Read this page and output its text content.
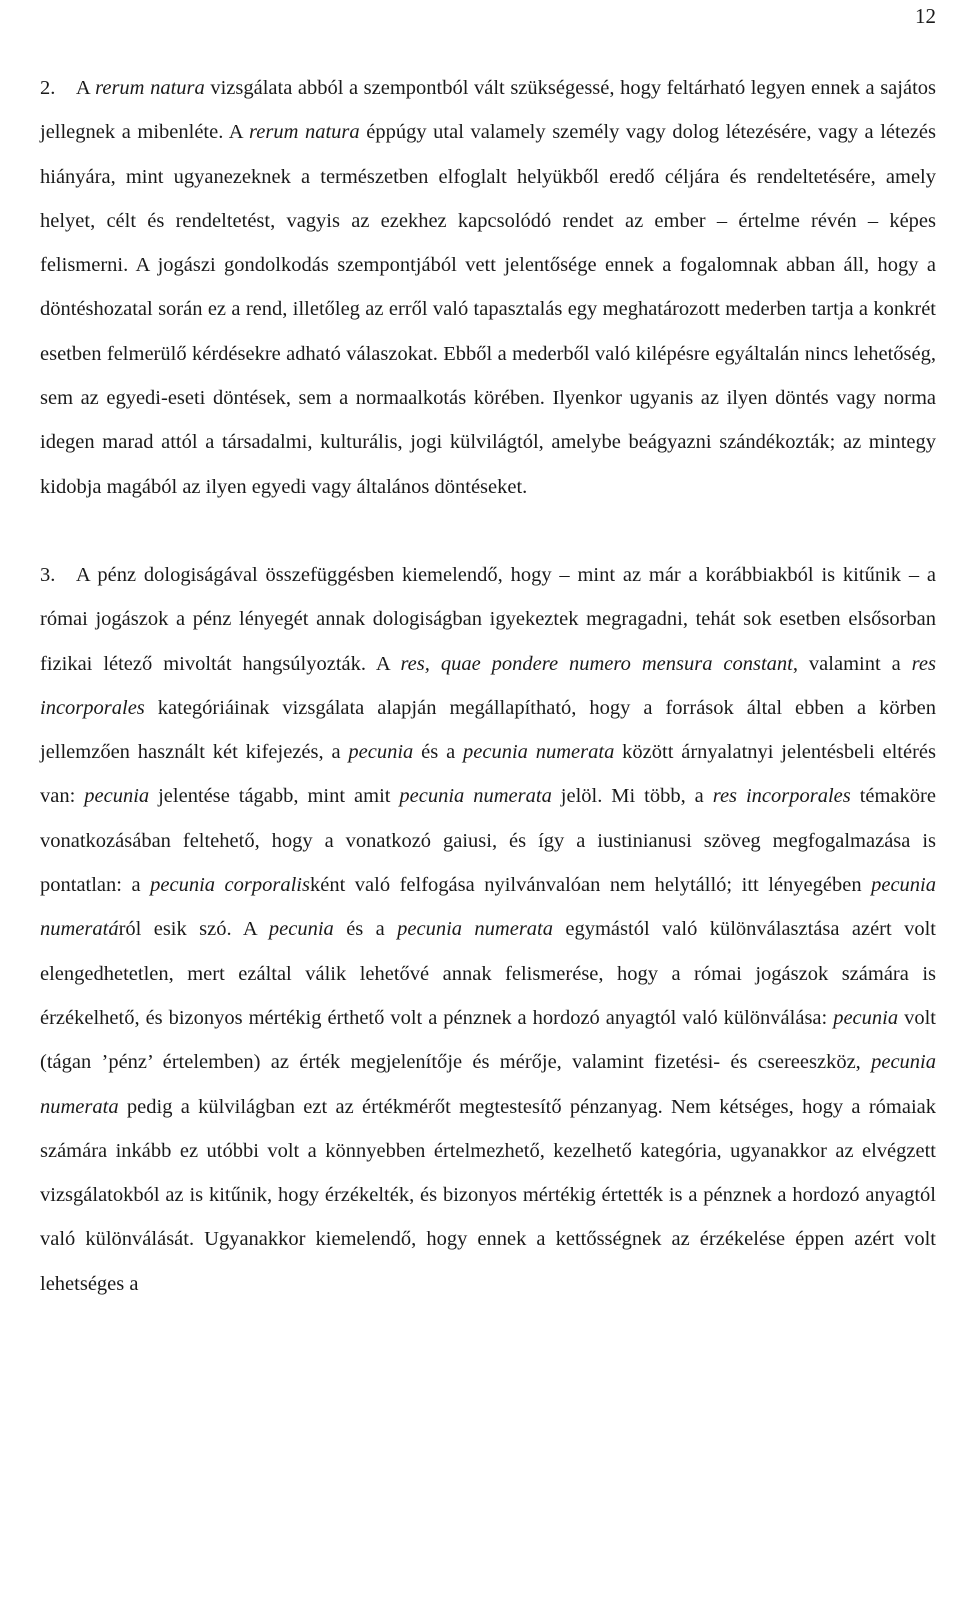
12

2. A rerum natura vizsgálata abból a szempontból vált szükségessé, hogy feltárható legyen ennek a sajátos jellegnek a mibenléte. A rerum natura éppúgy utal valamely személy vagy dolog létezésére, vagy a létezés hiányára, mint ugyanezeknek a természetben elfoglalt helyükből eredő céljára és rendeltetésére, amely helyet, célt és rendeltetést, vagyis az ezekhez kapcsolódó rendet az ember – értelme révén – képes felismerni. A jogászi gondolkodás szempontjából vett jelentősége ennek a fogalomnak abban áll, hogy a döntéshozatal során ez a rend, illetőleg az erről való tapasztalás egy meghatározott mederben tartja a konkrét esetben felmerülő kérdésekre adható válaszokat. Ebből a mederből való kilépésre egyáltalán nincs lehetőség, sem az egyedi-eseti döntések, sem a normaalkotás körében. Ilyenkor ugyanis az ilyen döntés vagy norma idegen marad attól a társadalmi, kulturális, jogi külvilágtól, amelybe beágyazni szándékozták; az mintegy kidobja magából az ilyen egyedi vagy általános döntéseket.

3. A pénz dologiságával összefüggésben kiemelendő, hogy – mint az már a korábbiakból is kitűnik – a római jogászok a pénz lényegét annak dologiságban igyekeztek megragadni, tehát sok esetben elsősorban fizikai létező mivoltát hangsúlyozták. A res, quae pondere numero mensura constant, valamint a res incorporales kategóriáinak vizsgálata alapján megállapítható, hogy a források által ebben a körben jellemzően használt két kifejezés, a pecunia és a pecunia numerata között árnyalatnyi jelentésbeli eltérés van: pecunia jelentése tágabb, mint amit pecunia numerata jelöl. Mi több, a res incorporales témaköre vonatkozásában feltehető, hogy a vonatkozó gaiusi, és így a iustinianusi szöveg megfogalmazása is pontatlan: a pecunia corporalisként való felfogása nyilvánvalóan nem helytálló; itt lényegében pecunia numeratáról esik szó. A pecunia és a pecunia numerata egymástól való különválasztása azért volt elengedhetetlen, mert ezáltal válik lehetővé annak felismerése, hogy a római jogászok számára is érzékelhető, és bizonyos mértékig érthető volt a pénznek a hordozó anyagtól való különválása: pecunia volt (tágan ’pénz’ értelemben) az érték megjelenítője és mérője, valamint fizetési- és csereeszköz, pecunia numerata pedig a külvilágban ezt az értékmérőt megtestesítő pénzanyag. Nem kétséges, hogy a rómaiak számára inkább ez utóbbi volt a könnyebben értelmezhető, kezelhető kategória, ugyanakkor az elvégzett vizsgálatokból az is kitűnik, hogy érzékelték, és bizonyos mértékig értették is a pénznek a hordozó anyagtól való különválását. Ugyanakkor kiemelendő, hogy ennek a kettősségnek az érzékelése éppen azért volt lehetséges a
